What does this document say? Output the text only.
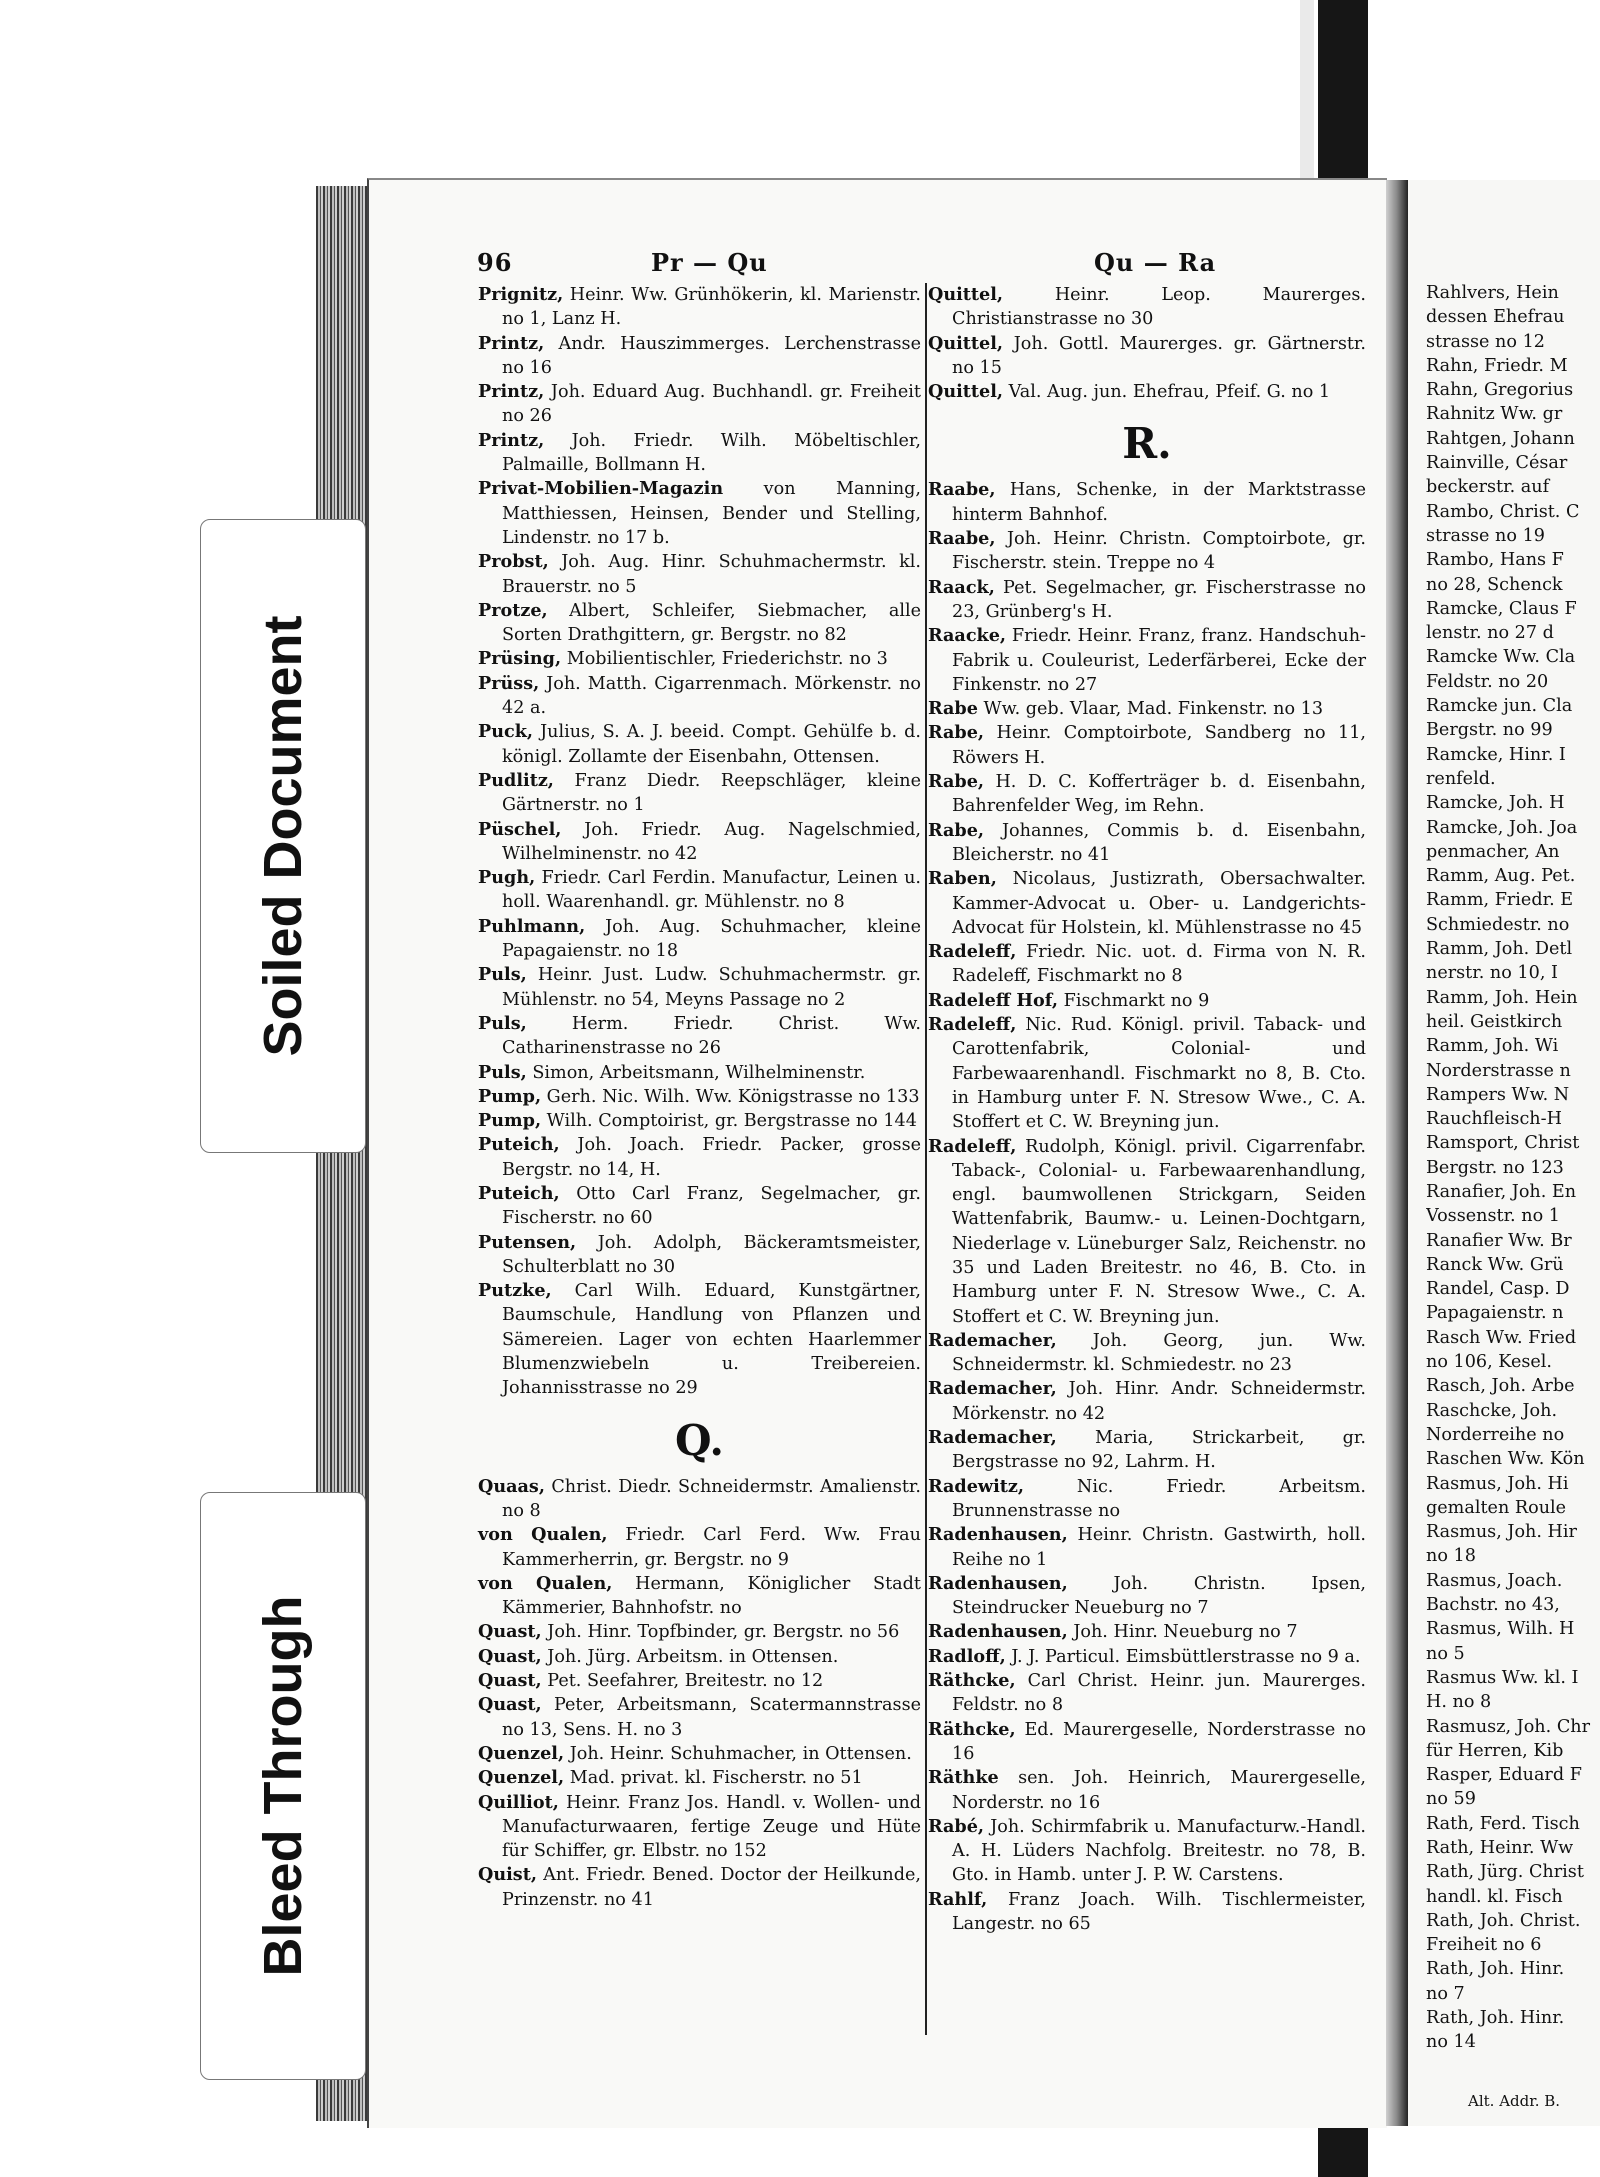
96	Pr — Qu	Qu — Ra
Prignitz, Heinr. Ww. Grünhökerin, kl. Marienstr. no 1, Lanz H.
Printz, Andr. Hauszimmerges. Lerchenstrasse no 16
Printz, Joh. Eduard Aug. Buchhandl. gr. Freiheit no 26
Printz, Joh. Friedr. Wilh. Möbeltischler, Palmaille, Bollmann H.
Privat-Mobilien-Magazin von Manning, Matthiessen, Heinsen, Bender und Stelling, Lindenstr. no 17 b.
Probst, Joh. Aug. Hinr. Schuhmachermstr. kl. Brauerstr. no 5
Protze, Albert, Schleifer, Siebmacher, alle Sorten Drathgittern, gr. Bergstr. no 82
Prüsing, Mobilientischler, Friederichstr. no 3
Prüss, Joh. Matth. Cigarrenmach. Mörkenstr. no 42 a.
Puck, Julius, S. A. J. beeid. Compt. Gehülfe b. d. königl. Zollamte der Eisenbahn, Ottensen.
Pudlitz, Franz Diedr. Reepschläger, kleine Gärtnerstr. no 1
Püschel, Joh. Friedr. Aug. Nagelschmied, Wilhelminenstr. no 42
Pugh, Friedr. Carl Ferdin. Manufactur, Leinen u. holl. Waarenhandl. gr. Mühlenstr. no 8
Puhlmann, Joh. Aug. Schuhmacher, kleine Papagaienstr. no 18
Puls, Heinr. Just. Ludw. Schuhmachermstr. gr. Mühlenstr. no 54, Meyns Passage no 2
Puls,	Herm. Friedr. Christ. Ww. Catharinenstrasse no 26
Puls, Simon, Arbeitsmann, Wilhelminenstr.
Pump, Gerh. Nic. Wilh. Ww. Königstrasse no 133
Pump, Wilh. Comptoirist, gr. Bergstrasse no 144
Puteich, Joh. Joach. Friedr. Packer, grosse Bergstr. no 14, H.
Puteich, Otto Carl Franz, Segelmacher, gr. Fischerstr. no 60
Putensen, Joh. Adolph, Bäckeramtsmeister, Schulterblatt no 30
Putzke, Carl Wilh. Eduard, Kunstgärtner, Baumschule, Handlung von Pflanzen und Sämereien. Lager von echten Haarlemmer Blumenzwiebeln u. Treibereien. Johannisstrasse no 29
Q.
Quaas, Christ. Diedr. Schneidermstr. Amalienstr. no 8
von Qualen, Friedr. Carl Ferd. Ww. Frau Kammerherrin, gr. Bergstr. no 9
von Qualen, Hermann, Königlicher Stadt Kämmerier, Bahnhofstr. no
Quast, Joh. Hinr. Topfbinder, gr. Bergstr. no 56
Quast, Joh. Jürg. Arbeitsm. in Ottensen.
Quast, Pet. Seefahrer, Breitestr. no 12
Quast, Peter, Arbeitsmann, Scatermannstrasse no 13, Sens. H. no 3
Quenzel, Joh. Heinr. Schuhmacher, in Ottensen.
Quenzel, Mad. privat. kl. Fischerstr. no 51
Quilliot, Heinr. Franz Jos. Handl. v. Wollen- und Manufacturwaaren, fertige Zeuge und Hüte für Schiffer, gr. Elbstr. no 152
Quist, Ant. Friedr. Bened. Doctor der Heilkunde, Prinzenstr. no 41
Quittel,	Heinr. Leop. Maurerges. Christianstrasse no 30
Quittel, Joh. Gottl. Maurerges. gr. Gärtnerstr. no 15
Quittel, Val. Aug. jun. Ehefrau, Pfeif. G. no 1
R.
Raabe, Hans, Schenke, in der Marktstrasse hinterm Bahnhof.
Raabe, Joh. Heinr. Christn. Comptoirbote, gr. Fischerstr. stein. Treppe no 4
Raack, Pet. Segelmacher, gr. Fischerstrasse no 23, Grünberg's H.
Raacke, Friedr. Heinr. Franz, franz. Handschuh-Fabrik u. Couleurist, Lederfärberei, Ecke der Finkenstr. no 27
Rabe Ww. geb. Vlaar, Mad. Finkenstr. no 13
Rabe, Heinr. Comptoirbote, Sandberg no 11, Röwers H.
Rabe, H. D. C. Kofferträger b. d. Eisenbahn, Bahrenfelder Weg, im Rehn.
Rabe, Johannes, Commis b. d. Eisenbahn, Bleicherstr. no 41
Raben, Nicolaus, Justizrath, Obersachwalter. Kammer-Advocat u. Ober- u. Landgerichts-Advocat für Holstein, kl. Mühlenstrasse no 45
Radeleff, Friedr. Nic. uot. d. Firma von N. R. Radeleff, Fischmarkt no 8
Radeleff Hof, Fischmarkt no 9
Radeleff, Nic. Rud. Königl. privil. Taback- und Carottenfabrik, Colonial- und Farbewaarenhandl. Fischmarkt no 8, B. Cto. in Hamburg unter F. N. Stresow Wwe., C. A. Stoffert et C. W. Breyning jun.
Radeleff, Rudolph, Königl. privil. Cigarrenfabr. Taback-, Colonial- u. Farbewaarenhandlung, engl. baumwollenen Strickgarn, Seiden Wattenfabrik, Baumw.- u. Leinen-Dochtgarn, Niederlage v. Lüneburger Salz, Reichenstr. no 35 und Laden Breitestr. no 46, B. Cto. in Hamburg unter F. N. Stresow Wwe., C. A. Stoffert et C. W. Breyning jun.
Rademacher, Joh. Georg, jun. Ww. Schneidermstr. kl. Schmiedestr. no 23
Rademacher, Joh. Hinr. Andr. Schneidermstr. Mörkenstr. no 42
Rademacher, Maria, Strickarbeit, gr. Bergstrasse no 92, Lahrm. H.
Radewitz,	Nic. Friedr. Arbeitsm. Brunnenstrasse no
Radenhausen, Heinr. Christn. Gastwirth, holl. Reihe no 1
Radenhausen,	Joh. Christn. Ipsen, Steindrucker Neueburg no 7
Radenhausen, Joh. Hinr. Neueburg no 7
Radloff, J. J. Particul. Eimsbüttlerstrasse no 9 a.
Räthcke, Carl Christ. Heinr. jun. Maurerges. Feldstr. no 8
Räthcke, Ed. Maurergeselle, Norderstrasse no 16
Räthke sen. Joh. Heinrich, Maurergeselle, Norderstr. no 16
Rabé, Joh. Schirmfabrik u. Manufacturw.-Handl. A. H. Lüders Nachfolg. Breitestr. no 78, B. Gto. in Hamb. unter J. P. W. Carstens.
Rahlf, Franz Joach. Wilh. Tischlermeister, Langestr. no 65
Rahlvers, Hein
dessen Ehefrau
strasse no 12
Rahn, Friedr. M
Rahn, Gregorius
Rahnitz Ww. gr
Rahtgen, Johann
Rainville, César
beckerstr. auf
Rambo, Christ. C
strasse no 19
Rambo, Hans F
no 28, Schenck
Ramcke, Claus F
lenstr. no 27 d
Ramcke Ww. Cla
Feldstr. no 20
Ramcke jun. Cla
Bergstr. no 99
Ramcke, Hinr. I
renfeld.
Ramcke, Joh. H
Ramcke, Joh. Joa
penmacher, An
Ramm, Aug. Pet.
Ramm, Friedr. E
Schmiedestr. no
Ramm, Joh. Detl
nerstr. no 10, I
Ramm, Joh. Hein
heil. Geistkirch
Ramm, Joh. Wi
Norderstrasse n
Rampers Ww. N
Rauchfleisch-H
Ramsport, Christ
Bergstr. no 123
Ranafier, Joh. En
Vossenstr. no 1
Ranafier Ww. Br
Ranck Ww. Grü
Randel, Casp. D
Papagaienstr. n
Rasch Ww. Fried
no 106, Kesel.
Rasch, Joh. Arbe
Raschcke, Joh.
Norderreihe no
Raschen Ww. Kön
Rasmus, Joh. Hi
gemalten Roule
Rasmus, Joh. Hir
no 18
Rasmus, Joach.
Bachstr. no 43,
Rasmus, Wilh. H
no 5
Rasmus Ww. kl. I
H. no 8
Rasmusz, Joh. Chr
für Herren, Kib
Rasper, Eduard F
no 59
Rath, Ferd. Tisch
Rath, Heinr. Ww
Rath, Jürg. Christ
handl. kl. Fisch
Rath, Joh. Christ.
Freiheit no 6
Rath, Joh. Hinr.
no 7
Rath, Joh. Hinr.
no 14
Alt. Addr. B.
Soiled Document
Bleed Through
